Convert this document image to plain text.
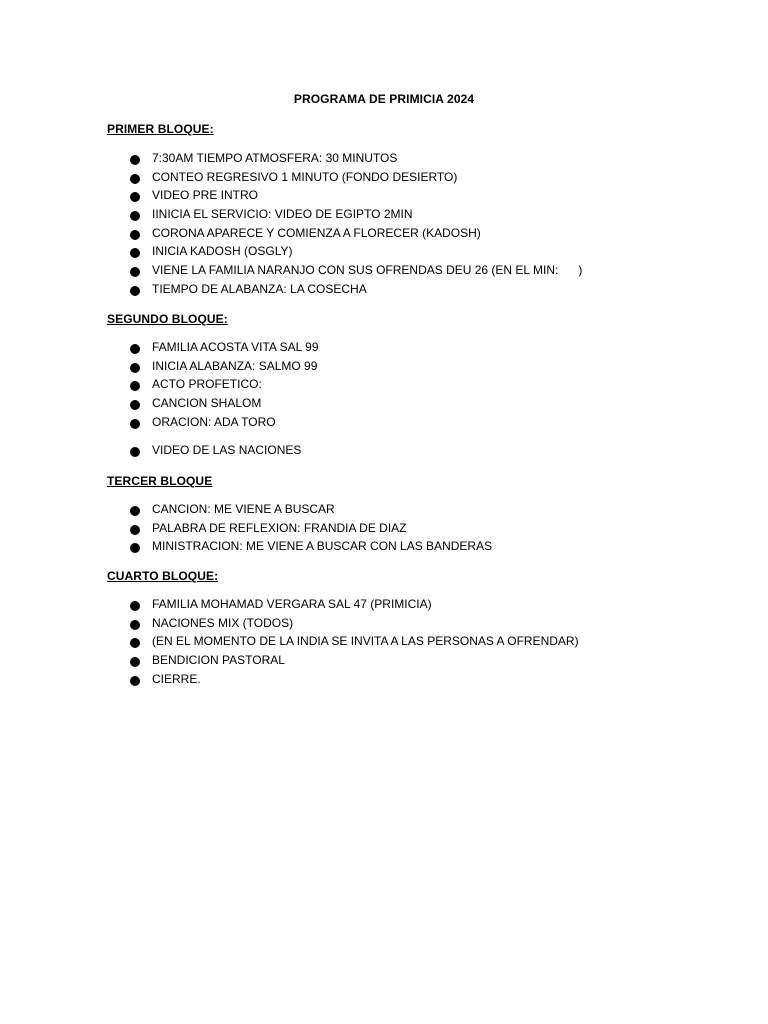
PROGRAMA DE PRIMICIA 2024
PRIMER BLOQUE:
7:30AM TIEMPO ATMOSFERA: 30 MINUTOS
CONTEO REGRESIVO 1 MINUTO (FONDO DESIERTO)
VIDEO PRE INTRO
IINICIA EL SERVICIO: VIDEO DE EGIPTO 2MIN
CORONA APARECE Y COMIENZA A FLORECER (KADOSH)
INICIA KADOSH (OSGLY)
VIENE LA FAMILIA NARANJO CON SUS OFRENDAS DEU 26 (EN EL MIN:      )
TIEMPO DE ALABANZA: LA COSECHA
SEGUNDO BLOQUE:
FAMILIA ACOSTA VITA SAL 99
INICIA ALABANZA: SALMO 99
ACTO PROFETICO:
CANCION SHALOM
ORACION: ADA TORO
VIDEO DE LAS NACIONES
TERCER BLOQUE
CANCION: ME VIENE A BUSCAR
PALABRA DE REFLEXION: FRANDIA DE DIAZ
MINISTRACION: ME VIENE A BUSCAR CON LAS BANDERAS
CUARTO BLOQUE:
FAMILIA MOHAMAD VERGARA SAL 47 (PRIMICIA)
NACIONES MIX (TODOS)
(EN EL MOMENTO DE LA INDIA SE INVITA A LAS PERSONAS A OFRENDAR)
BENDICION PASTORAL
CIERRE.
